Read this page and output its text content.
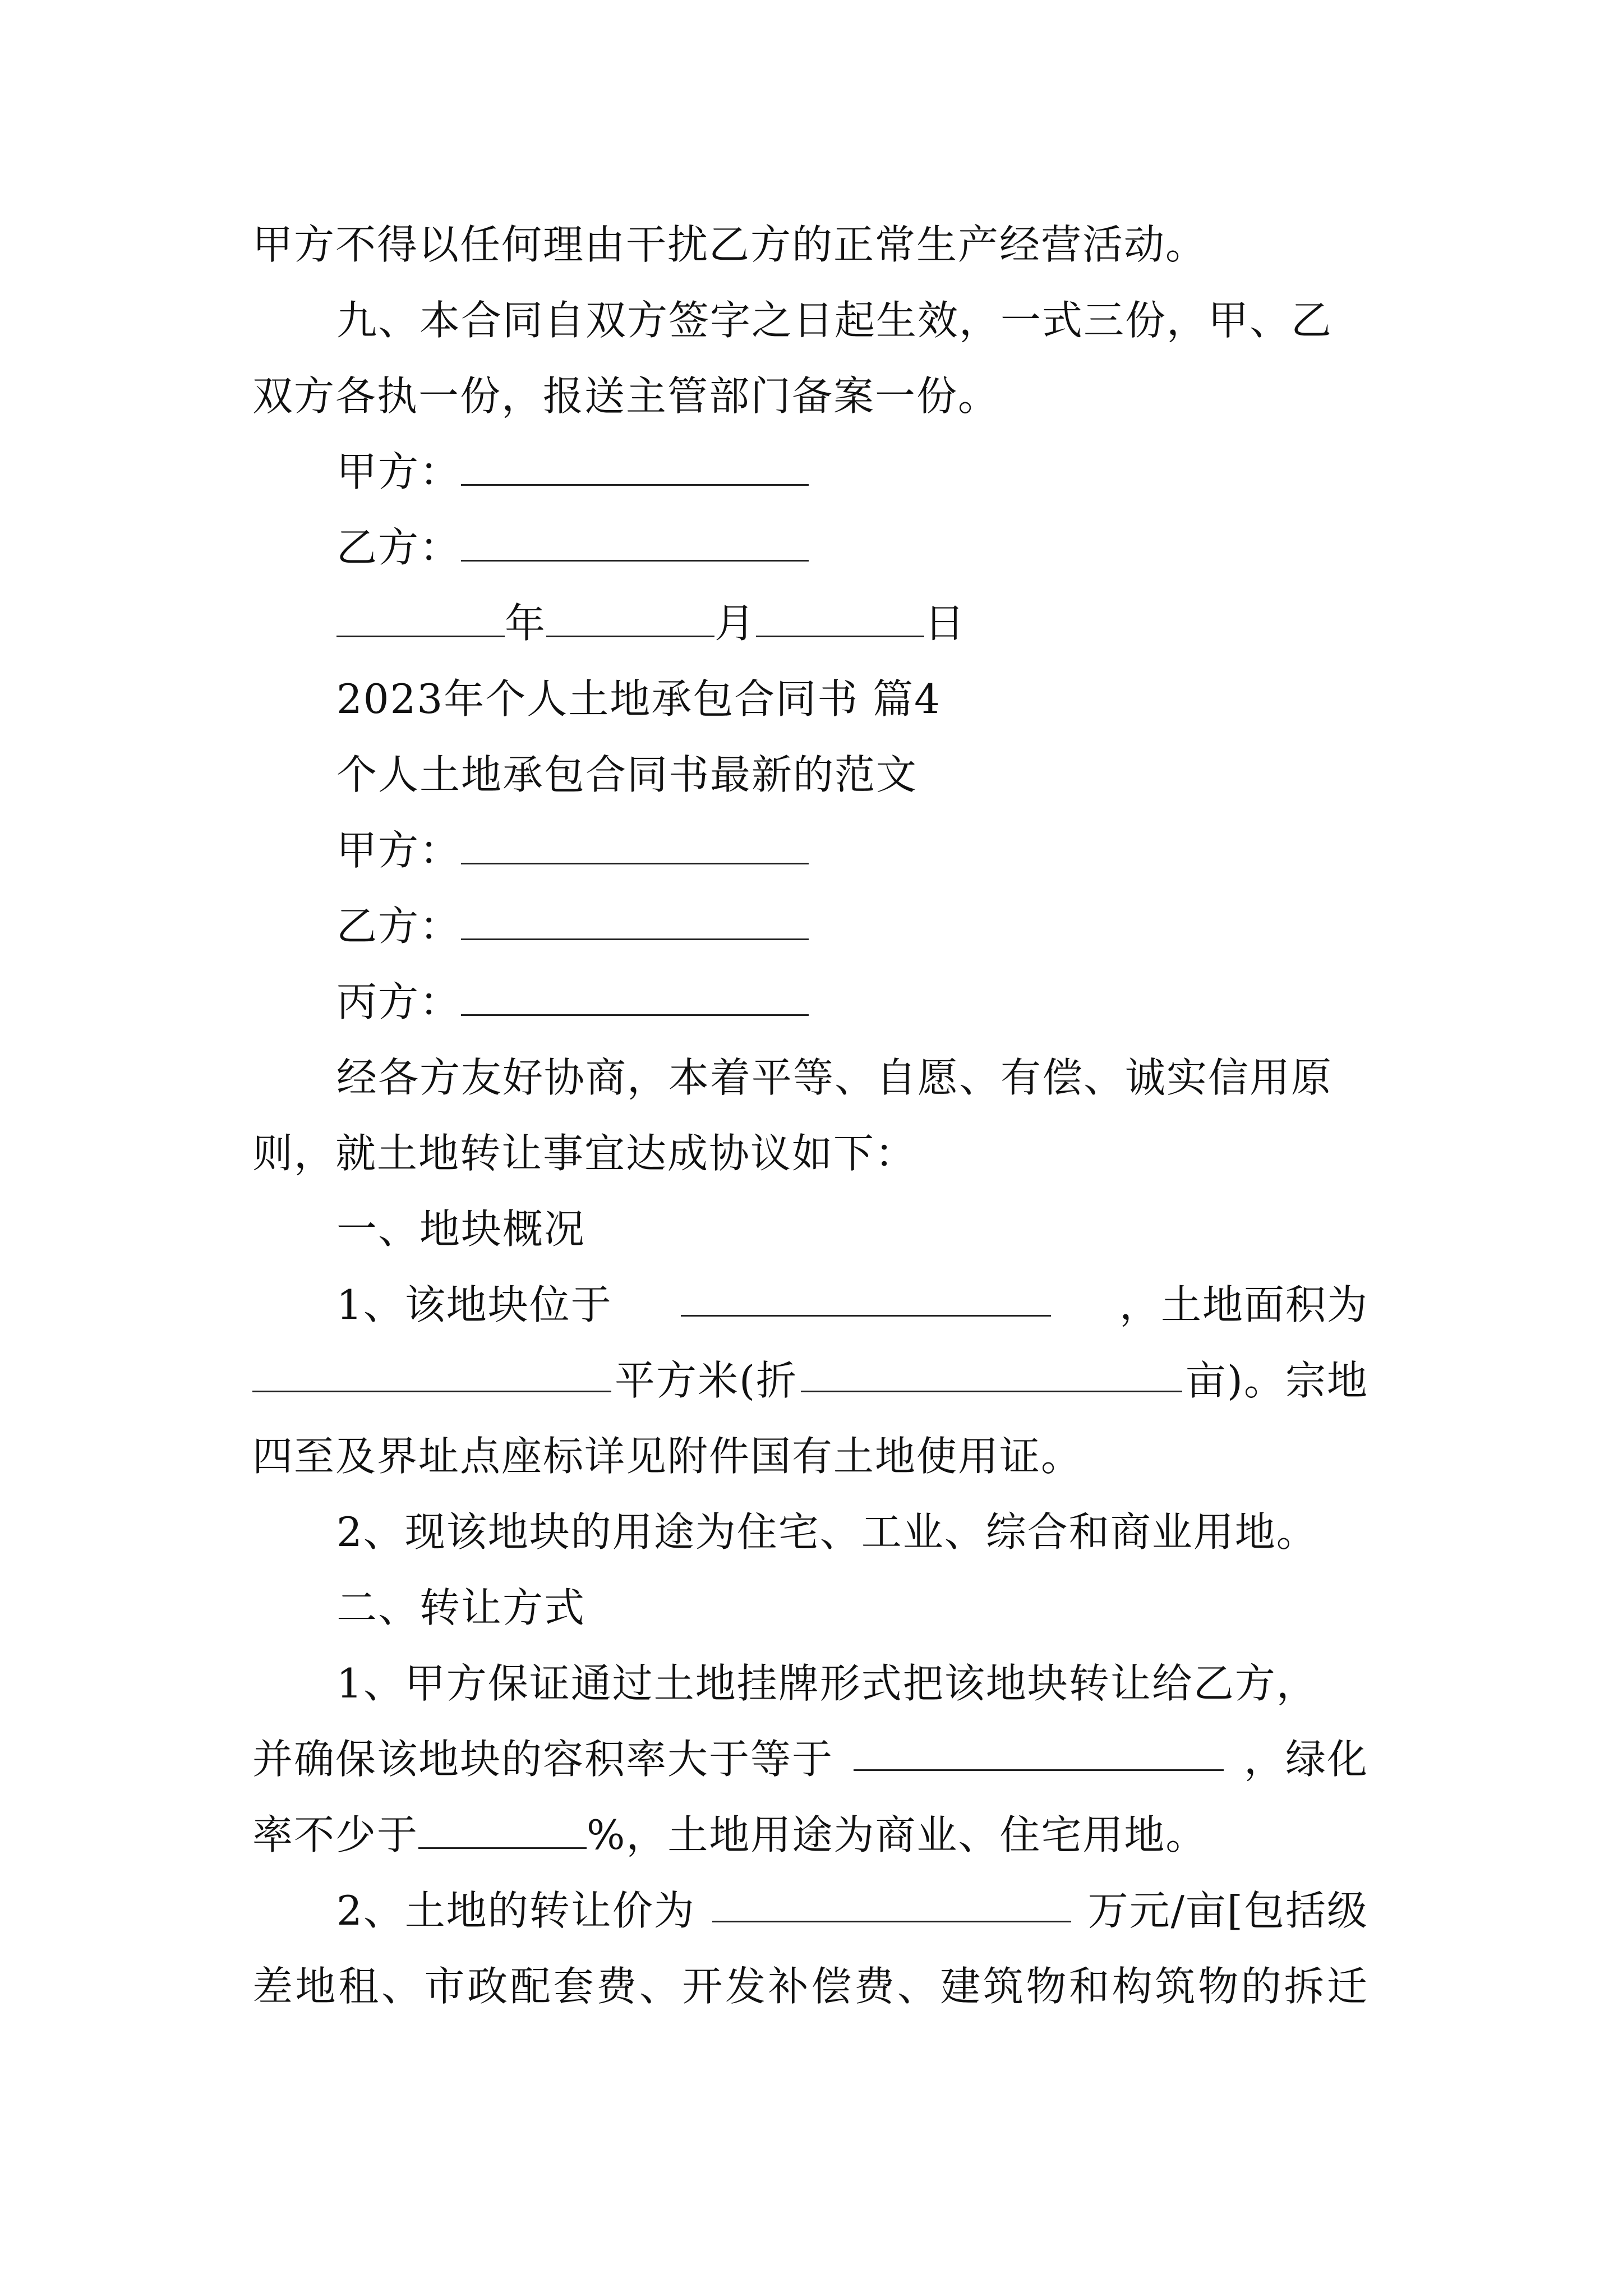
甲方不得以任何理由干扰乙方的正常生产经营活动。
九、本合同自双方签字之日起生效，一式三份，甲、乙
双方各执一份，报送主管部门备案一份。
甲方：
乙方：
年	月	日
2023年个人土地承包合同书 篇4
个人土地承包合同书最新的范文
甲方：
乙方：
丙方：
经各方友好协商，本着平等、自愿、有偿、诚实信用原
则，就土地转让事宜达成协议如下：
一、地块概况
1、该地块位于	，土地面积为
平方米(折	亩)。宗地
四至及界址点座标详见附件国有土地使用证。
2、现该地块的用途为住宅、工业、综合和商业用地。
二、转让方式
1、甲方保证通过土地挂牌形式把该地块转让给乙方，
并确保该地块的容积率大于等于	，绿化
率不少于	%，土地用途为商业、住宅用地。
2、土地的转让价为	万元/亩[包括级
差地租、市政配套费、开发补偿费、建筑物和构筑物的拆迁
